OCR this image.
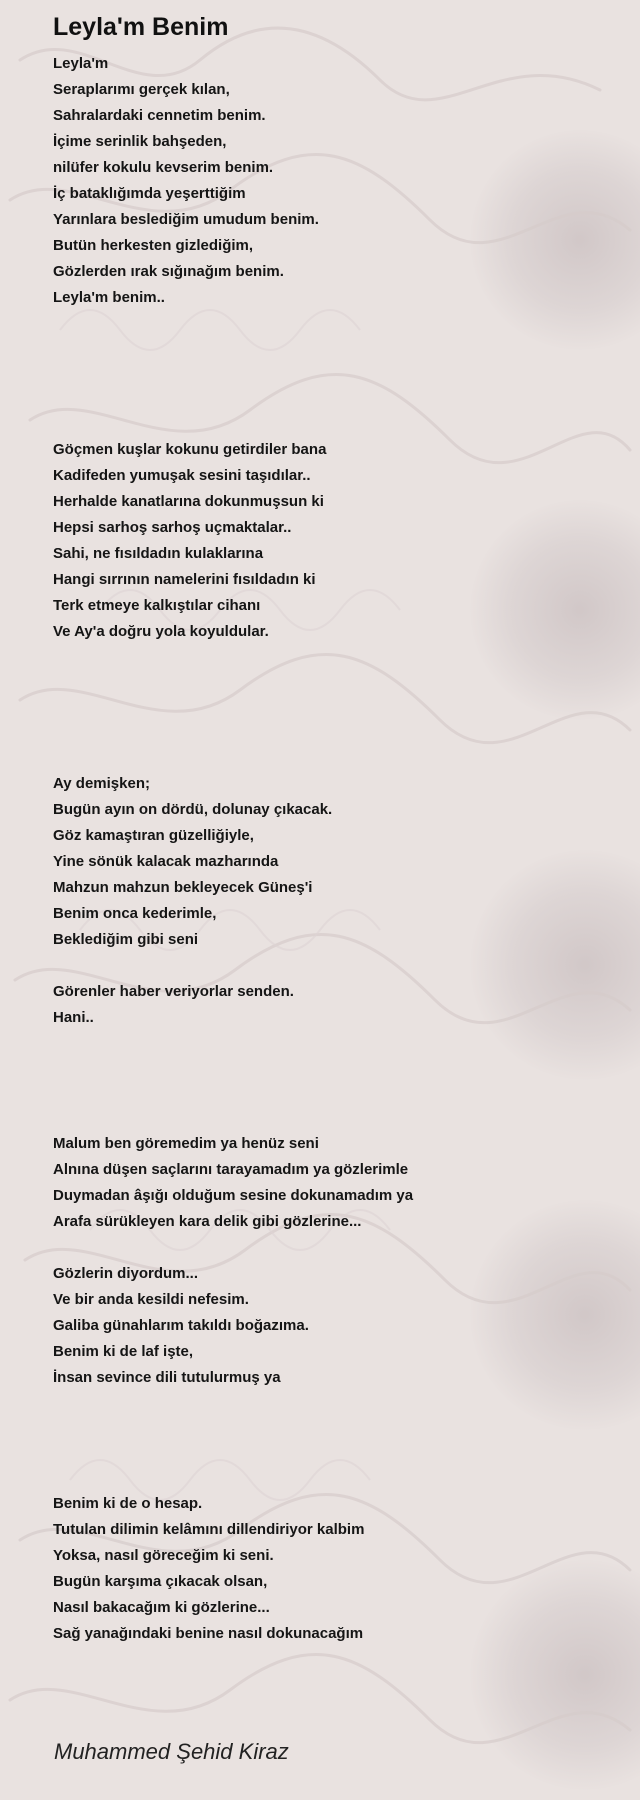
Leyla'm Benim
Leyla'm
Seraplarımı gerçek kılan,
Sahralardaki cennetim benim.
İçime serinlik bahşeden,
nilüfer kokulu kevserim benim.
İç bataklığımda yeşerttiğim
Yarınlara beslediğim umudum benim.
Butün herkesten gizlediğim,
Gözlerden ırak sığınağım benim.
Leyla'm benim..
Göçmen kuşlar kokunu getirdiler bana
Kadifeden yumuşak sesini taşıdılar..
Herhalde kanatlarına dokunmuşsun ki
Hepsi sarhoş sarhoş uçmaktalar..
Sahi, ne fısıldadın kulaklarına
Hangi sırrının namelerini fısıldadın ki
Terk etmeye kalkıştılar cihanı
Ve Ay'a doğru yola koyuldular.
Ay demişken;
Bugün ayın on dördü, dolunay çıkacak.
Göz kamaştıran güzelliğiyle,
Yine sönük kalacak mazharında
Mahzun mahzun bekleyecek Güneş'i
Benim onca kederimle,
Beklediğim gibi seni
Görenler haber veriyorlar senden.
Hani..
Malum ben göremedim ya henüz seni
Alnına düşen saçlarını tarayamadım ya gözlerimle
Duymadan âşığı olduğum sesine dokunamadım ya
Arafa sürükleyen kara delik gibi gözlerine...
Gözlerin diyordum...
Ve bir anda kesildi nefesim.
Galiba günahlarım takıldı boğazıma.
Benim ki de laf işte,
İnsan sevince dili tutulurmuş ya
Benim ki de o hesap.
Tutulan dilimin kelâmını dillendiriyor kalbim
Yoksa, nasıl göreceğim ki seni.
Bugün karşıma çıkacak olsan,
Nasıl bakacağım ki gözlerine...
Sağ yanağındaki benine nasıl dokunacağım

Muhammed Şehid Kiraz
